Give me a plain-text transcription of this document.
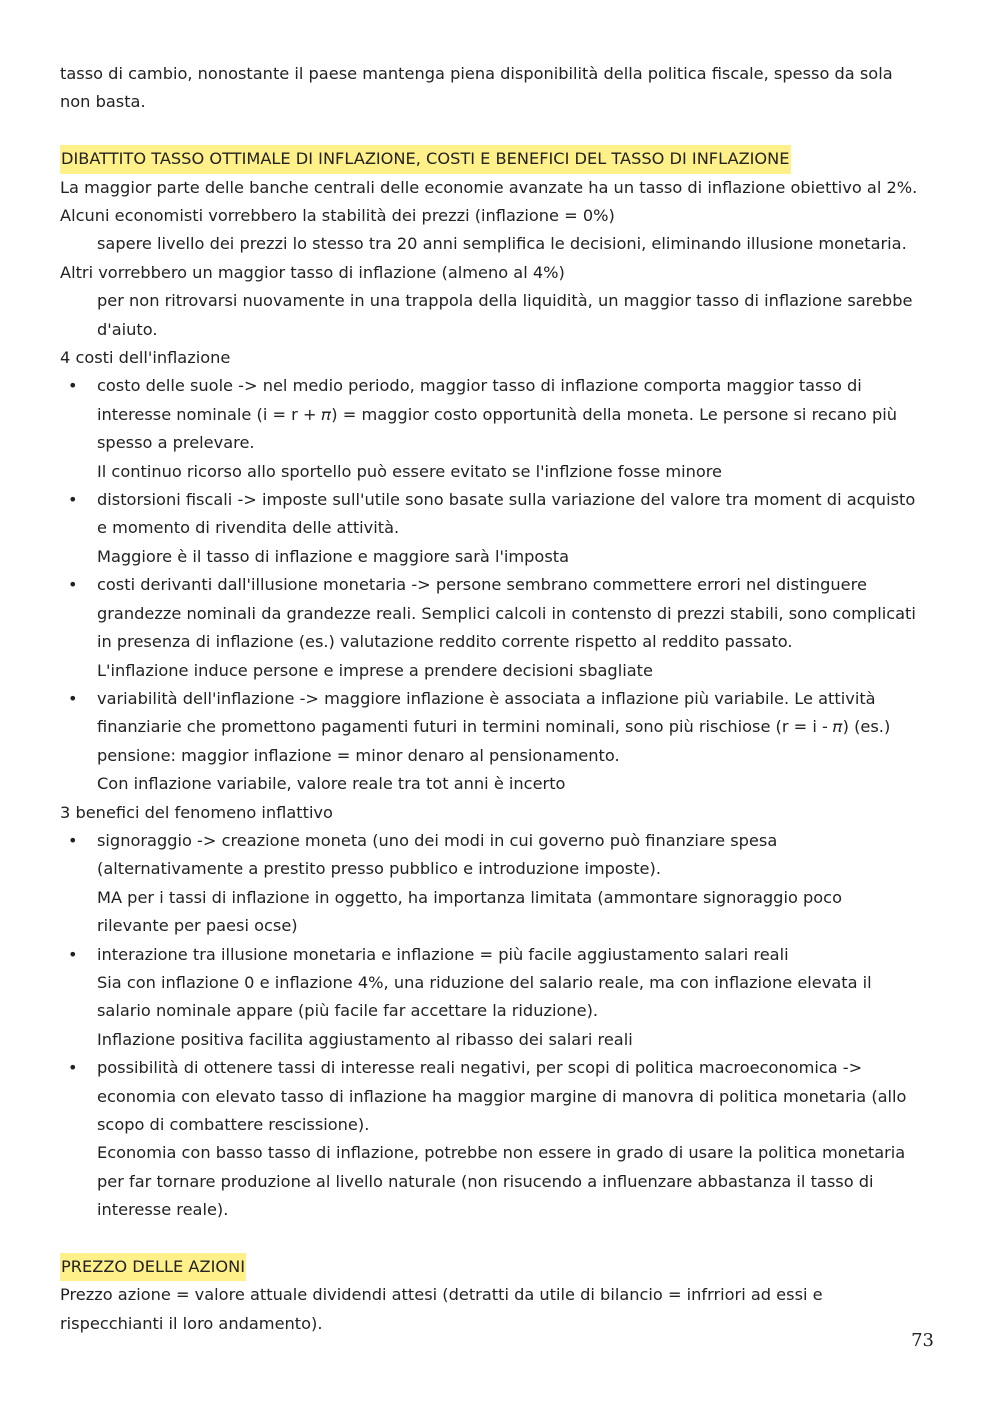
tasso di cambio, nonostante il paese mantenga piena disponibilità della politica fiscale, spesso da sola
non basta.
DIBATTITO TASSO OTTIMALE DI INFLAZIONE, COSTI E BENEFICI DEL TASSO DI INFLAZIONE
La maggior parte delle banche centrali delle economie avanzate ha un tasso di inflazione obiettivo al 2%.
Alcuni economisti vorrebbero la stabilità dei prezzi (inflazione = 0%)
sapere livello dei prezzi lo stesso tra 20 anni semplifica le decisioni, eliminando illusione monetaria.
Altri vorrebbero un maggior tasso di inflazione (almeno al 4%)
per non ritrovarsi nuovamente in una trappola della liquidità, un maggior tasso di inflazione sarebbe
d'aiuto.
4 costi dell'inflazione
• costo delle suole -> nel medio periodo, maggior tasso di inflazione comporta maggior tasso di
interesse nominale (i = r + 𝜋) = maggior costo opportunità della moneta. Le persone si recano più
spesso a prelevare.
Il continuo ricorso allo sportello può essere evitato se l'inflzione fosse minore
• distorsioni fiscali -> imposte sull'utile sono basate sulla variazione del valore tra moment di acquisto
e momento di rivendita delle attività.
Maggiore è il tasso di inflazione e maggiore sarà l'imposta
• costi derivanti dall'illusione monetaria -> persone sembrano commettere errori nel distinguere
grandezze nominali da grandezze reali. Semplici calcoli in contenstо di prezzi stabili, sono complicati
in presenza di inflazione (es.) valutazione reddito corrente rispetto al reddito passato.
L'inflazione induce persone e imprese a prendere decisioni sbagliate
• variabilità dell'inflazione -> maggiore inflazione è associata a inflazione più variabile. Le attività
finanziarie che promettono pagamenti futuri in termini nominali, sono più rischiose (r = i - 𝜋) (es.)
pensione: maggior inflazione = minor denaro al pensionamento.
Con inflazione variabile, valore reale tra tot anni è incerto
3 benefici del fenomeno inflattivo
• signoraggio -> creazione moneta (uno dei modi in cui governo può finanziare spesa
(alternativamente a prestito presso pubblico e introduzione imposte).
MA per i tassi di inflazione in oggetto, ha importanza limitata (ammontare signoraggio poco
rilevante per paesi ocse)
• interazione tra illusione monetaria e inflazione = più facile aggiustamento salari reali
Sia con inflazione 0 e inflazione 4%, una riduzione del salario reale, ma con inflazione elevata il
salario nominale appare (più facile far accettare la riduzione).
Inflazione positiva facilita aggiustamento al ribasso dei salari reali
• possibilità di ottenere tassi di interesse reali negativi, per scopi di politica macroeconomica ->
economia con elevato tasso di inflazione ha maggior margine di manovra di politica monetaria (allo
scopo di combattere rescissione).
Economia con basso tasso di inflazione, potrebbe non essere in grado di usare la politica monetaria
per far tornare produzione al livello naturale (non risucendo a influenzare abbastanza il tasso di
interesse reale).
PREZZO DELLE AZIONI
Prezzo azione = valore attuale dividendi attesi (detratti da utile di bilancio = infrriori ad essi e
rispecchianti il loro andamento).
73
